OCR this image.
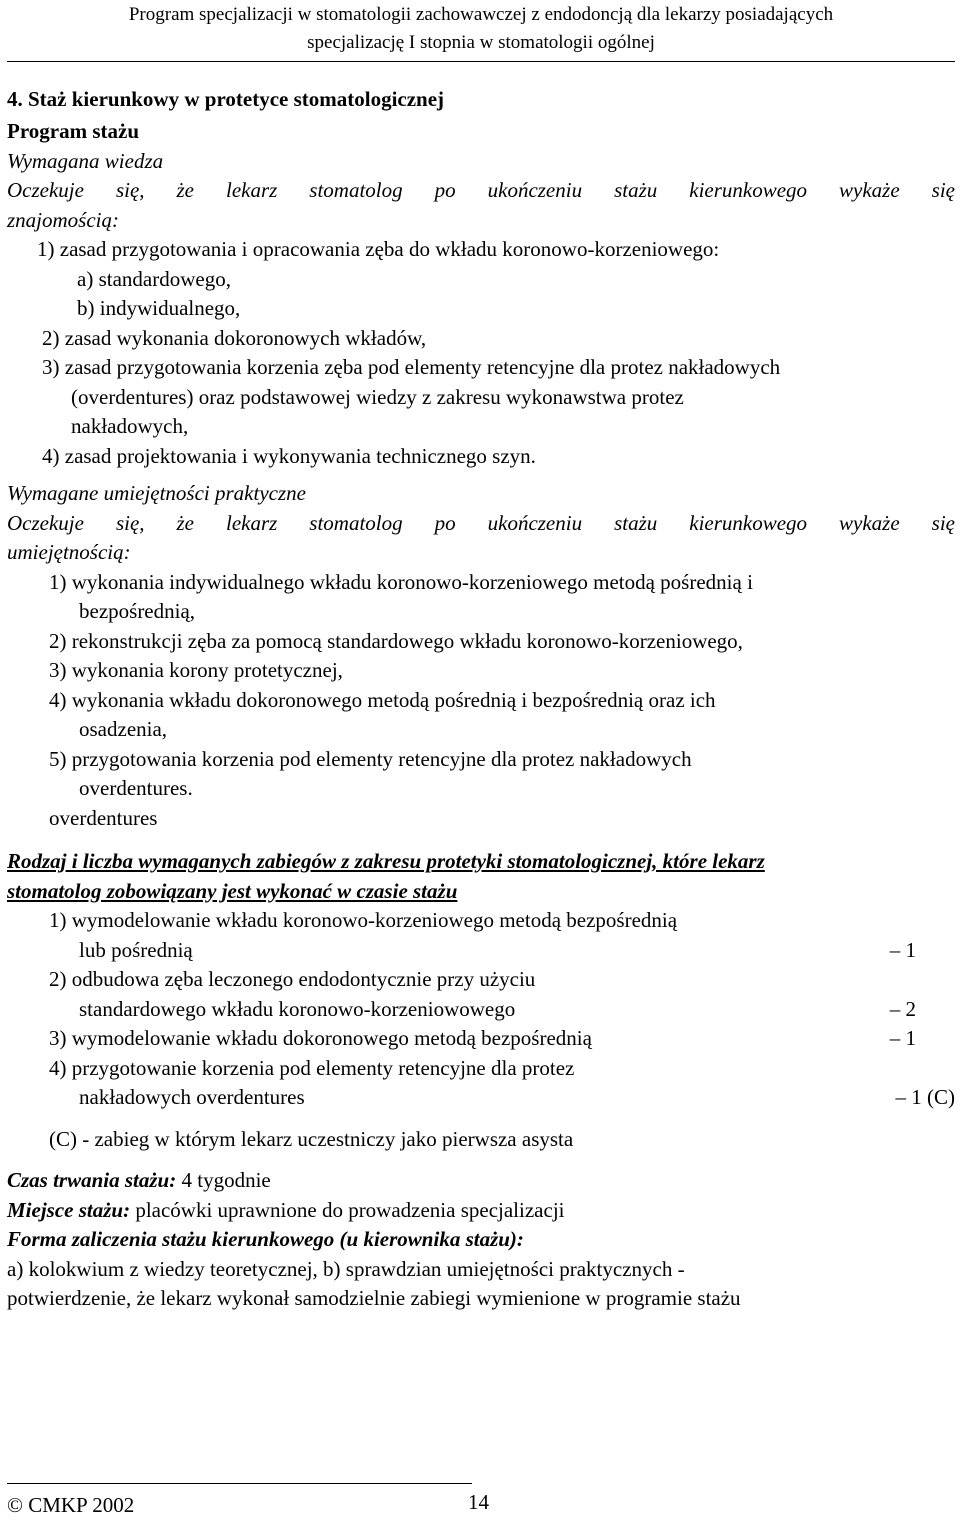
Program specjalizacji w stomatologii zachowawczej z endodoncją dla lekarzy posiadających
specjalizację I stopnia w stomatologii ogólnej
4. Staż kierunkowy w protetyce stomatologicznej
Program stażu
Wymagana wiedza
Oczekuje się, że lekarz stomatolog po ukończeniu stażu kierunkowego wykaże się
znajomością:
1) zasad przygotowania i opracowania zęba do wkładu koronowo-korzeniowego:
a) standardowego,
b) indywidualnego,
2) zasad wykonania dokoronowych wkładów,
3) zasad przygotowania korzenia zęba pod elementy retencyjne dla protez nakładowych
(overdentures) oraz podstawowej wiedzy z zakresu wykonawstwa protez
nakładowych,
4) zasad projektowania i wykonywania technicznego szyn.
Wymagane umiejętności praktyczne
Oczekuje się, że lekarz stomatolog po ukończeniu stażu kierunkowego wykaże się
umiejętnością:
1) wykonania indywidualnego wkładu koronowo-korzeniowego metodą pośrednią i
bezpośrednią,
2) rekonstrukcji zęba za pomocą standardowego wkładu koronowo-korzeniowego,
3) wykonania korony protetycznej,
4) wykonania wkładu dokoronowego metodą pośrednią i bezpośrednią oraz ich
osadzenia,
5) przygotowania korzenia pod elementy retencyjne dla protez nakładowych
overdentures.
overdentures
Rodzaj i liczba wymaganych zabiegów z zakresu protetyki stomatologicznej, które lekarz
stomatolog zobowiązany jest wykonać w czasie stażu
1) wymodelowanie wkładu koronowo-korzeniowego metodą bezpośrednią
lub pośrednią	– 1
2) odbudowa zęba leczonego endodontycznie przy użyciu
standardowego wkładu koronowo-korzeniowowego	– 2
3) wymodelowanie wkładu dokoronowego metodą bezpośrednią	– 1
4) przygotowanie korzenia pod elementy retencyjne dla protez
nakładowych overdentures	– 1 (C)
(C) - zabieg w którym lekarz uczestniczy jako pierwsza asysta
Czas trwania stażu: 4 tygodnie
Miejsce stażu: placówki uprawnione do prowadzenia specjalizacji
Forma zaliczenia stażu kierunkowego (u kierownika stażu):
a) kolokwium z wiedzy teoretycznej, b) sprawdzian umiejętności praktycznych -
potwierdzenie, że lekarz wykonał samodzielnie zabiegi wymienione w programie stażu
© CMKP 2002	14
